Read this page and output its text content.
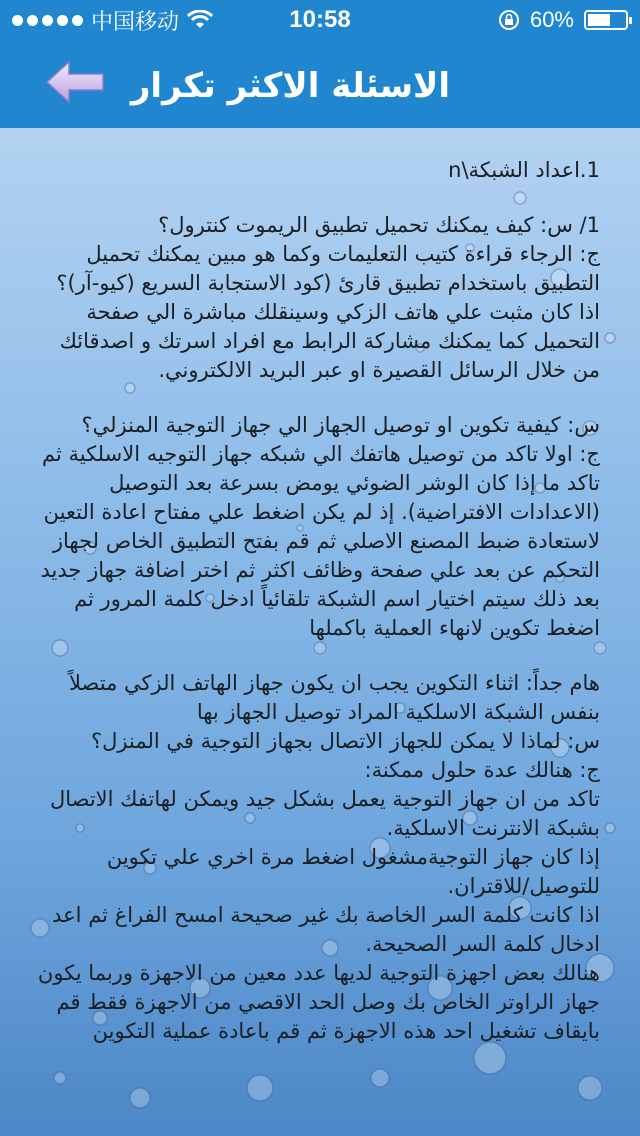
中国移动	10:58	60%
الاسئلة الاكثر تكرار

1.اعداد الشبكة\n

1/ س: كيف يمكنك تحميل تطبيق الريموت كنترول؟
ج: الرجاء قراءة كتيب التعليمات وكما هو مبين يمكنك تحميل التطبيق باستخدام تطبيق قارئ (كود الاستجابة السريع (كيو-آر)؟
اذا كان مثبت علي هاتف الزكي وسينقلك مباشرة الي صفحة التحميل كما يمكنك مشاركة الرابط مع افراد اسرتك و اصدقائك من خلال الرسائل القصيرة او عبر البريد الالكتروني.

س: كيفية تكوين او توصيل الجهاز الي جهاز التوجية المنزلي؟
ج: اولا تاكد من توصيل هاتفك الي شبكه جهاز التوجيه الاسلكية ثم تاكد ما إذا كان الوشر الضوئي يومض بسرعة بعد التوصيل (الاعدادات الافتراضية). إذ لم يكن اضغط علي مفتاح اعادة التعين لاستعادة ضبط المصنع الاصلي ثم قم بفتح التطبيق الخاص لجهاز التحكم عن بعد علي صفحة وظائف اكثر ثم اختر اضافة جهاز جديد بعد ذلك سيتم اختيار اسم الشبكة تلقائياً ادخل كلمة المرور ثم اضغط تكوين لانهاء العملية باكملها

هام جداً: اثناء التكوين يجب ان يكون جهاز الهاتف الزكي متصلاً بنفس الشبكة الاسلكية المراد توصيل الجهاز بها
س: لماذا لا يمكن للجهاز الاتصال بجهاز التوجية في المنزل؟
ج: هنالك عدة حلول ممكنة:
تاكد من ان جهاز التوجية يعمل بشكل جيد ويمكن لهاتفك الاتصال بشبكة الانترنت الاسلكية.
إذا كان جهاز التوجيةمشغول اضغط مرة اخري علي تكوين للتوصيل/للاقتران.
اذا كانت كلمة السر الخاصة بك غير صحيحة امسح الفراغ ثم اعد ادخال كلمة السر الصحيحة.
هنالك بعض اجهزة التوجية لديها عدد معين من الاجهزة وربما يكون جهاز الراوتر الخاص بك وصل الحد الاقصي من الاجهزة فقط قم بايقاف تشغيل احد هذه الاجهزة ثم قم باعادة عملية التكوين
